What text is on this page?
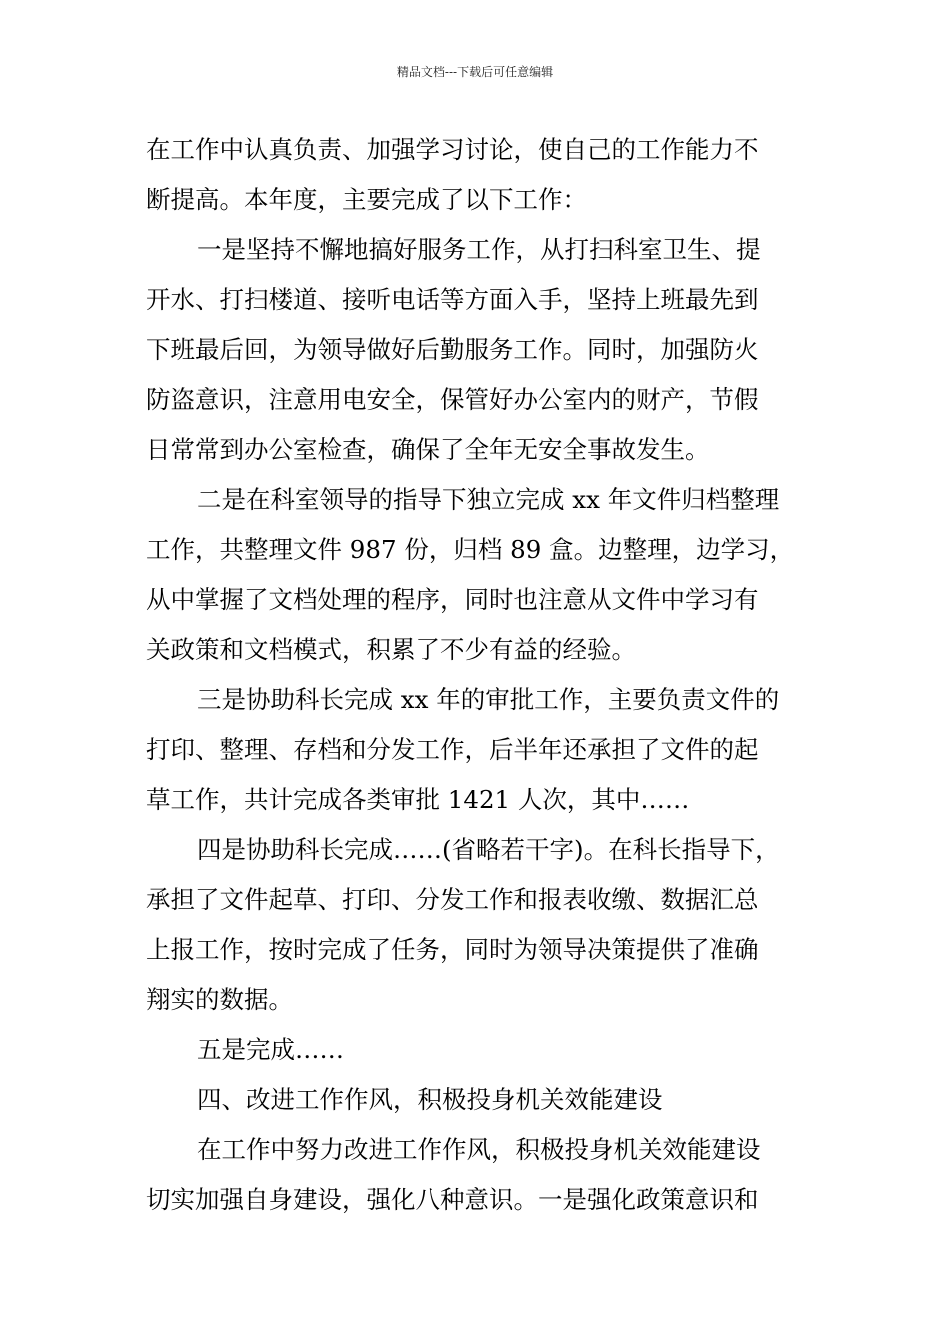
精品文档---下载后可任意编辑
在工作中认真负责、加强学习讨论，使自己的工作能力不
断提高。本年度，主要完成了以下工作：
一是坚持不懈地搞好服务工作，从打扫科室卫生、提
开水、打扫楼道、接听电话等方面入手，坚持上班最先到
下班最后回，为领导做好后勤服务工作。同时，加强防火
防盗意识，注意用电安全，保管好办公室内的财产，节假
日常常到办公室检查，确保了全年无安全事故发生。
二是在科室领导的指导下独立完成 xx 年文件归档整理
工作，共整理文件 987 份，归档 89 盒。边整理，边学习，
从中掌握了文档处理的程序，同时也注意从文件中学习有
关政策和文档模式，积累了不少有益的经验。
三是协助科长完成 xx 年的审批工作，主要负责文件的
打印、整理、存档和分发工作，后半年还承担了文件的起
草工作，共计完成各类审批 1421 人次，其中……
四是协助科长完成……(省略若干字)。在科长指导下，
承担了文件起草、打印、分发工作和报表收缴、数据汇总
上报工作，按时完成了任务，同时为领导决策提供了准确
翔实的数据。
五是完成……
四、改进工作作风，积极投身机关效能建设
在工作中努力改进工作作风，积极投身机关效能建设
切实加强自身建设，强化八种意识。一是强化政策意识和
